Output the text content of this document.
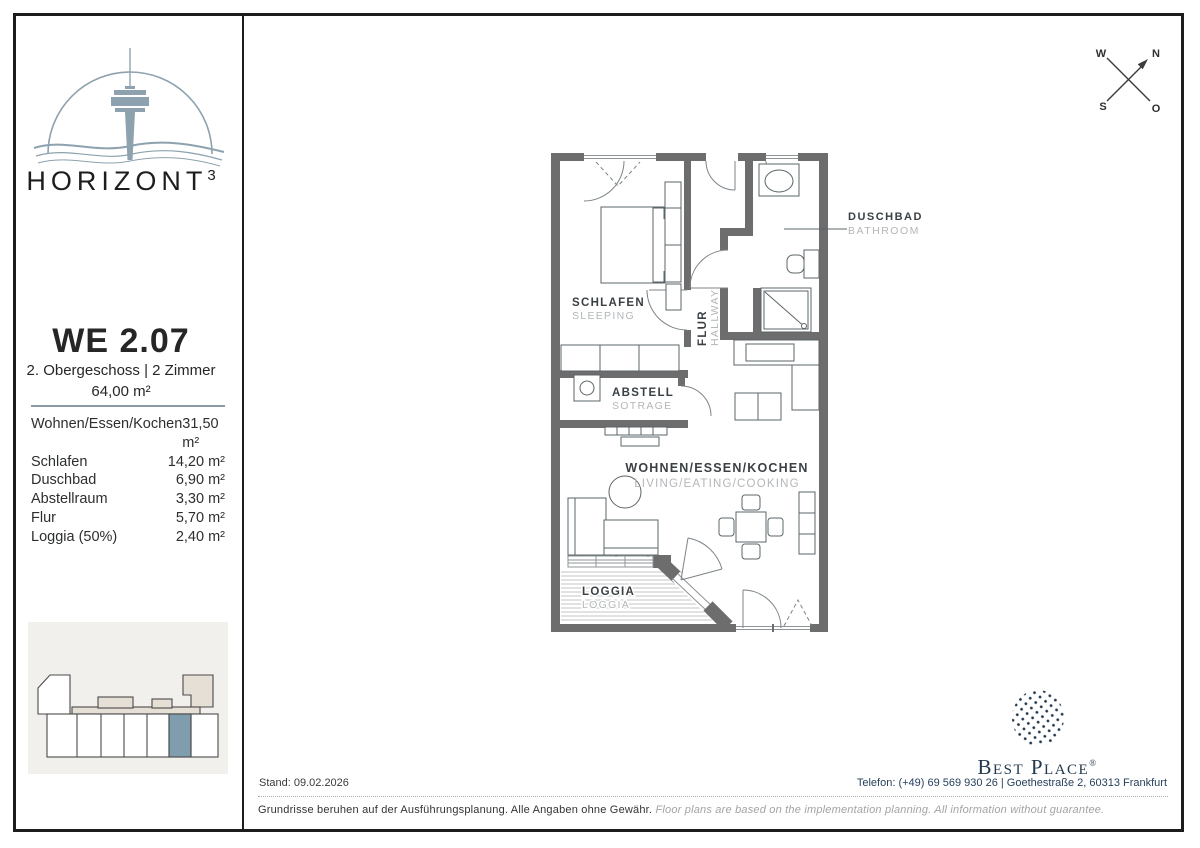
HORIZONT$^3$
WE 2.07
2. Obergeschoss | 2 Zimmer
64,00 m²
Wohnen/Essen/Kochen 31,50 m²
Schlafen	14,20 m²
Duschbad	6,90 m²
Abstellraum	3,30 m²
Flur	5,70 m²
Loggia (50%)	2,40 m²
W	N
S	O
SCHLAFEN
SLEEPING	FLUR HALLWAY
ABSTELL
SOTRAGE
WOHNEN/ESSEN/KOCHEN
LIVING/EATING/COOKING
LOGGIA
LOGGIA
DUSCHBAD
BATHROOM
Best Place®
Stand: 09.02.2026	Telefon: (+49) 69 569 930 26 | Goethestraße 2, 60313 Frankfurt
Grundrisse beruhen auf der Ausführungsplanung. Alle Angaben ohne Gewähr. Floor plans are based on the implementation planning. All information without guarantee.
